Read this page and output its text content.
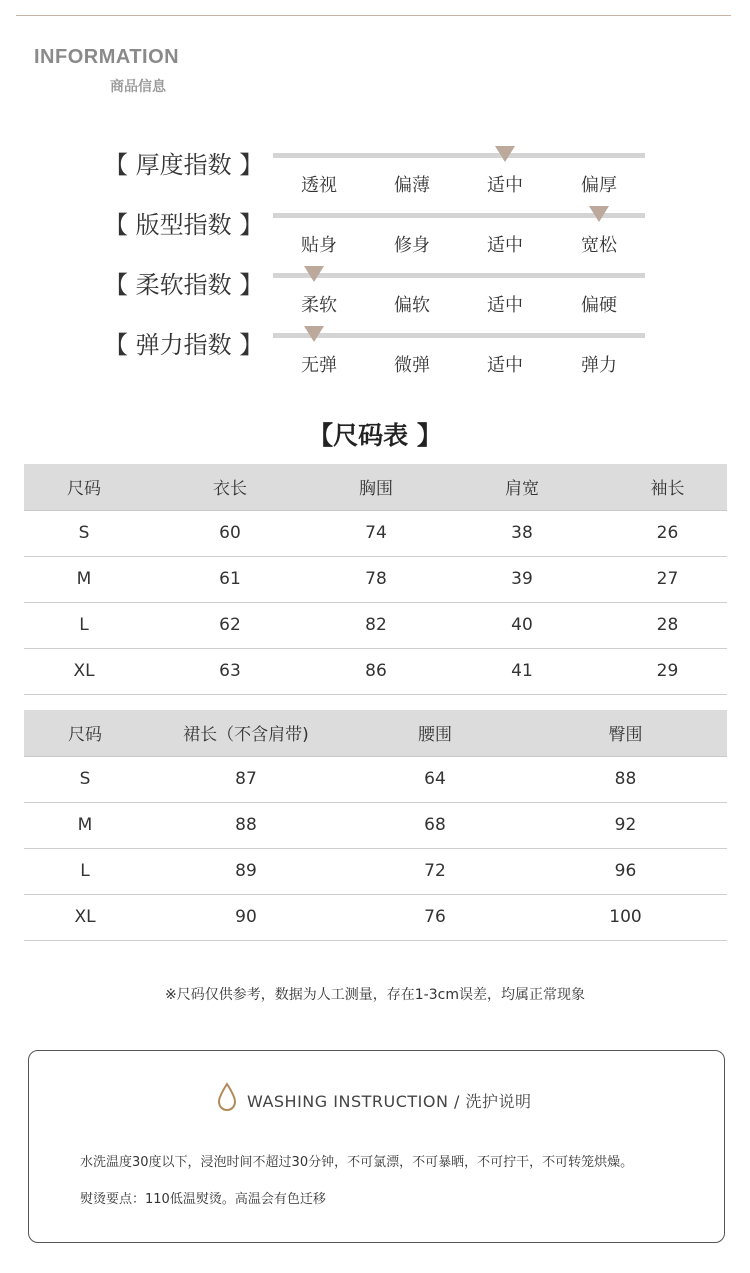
INFORMATION
商品信息
【 厚度指数 】
透视	偏薄	适中	偏厚
【 版型指数 】
贴身	修身	适中	宽松
【 柔软指数 】
柔软	偏软	适中	偏硬
【 弹力指数 】
无弹	微弹	适中	弹力
【尺码表 】
尺码	衣长	胸围	肩宽	袖长
S	60	74	38	26
M	61	78	39	27
L	62	82	40	28
XL	63	86	41	29
尺码	裙长（不含肩带)	腰围	臀围
S	87	64	88
M	88	68	92
L	89	72	96
XL	90	76	100
※尺码仅供参考，数据为人工测量，存在1-3cm误差，均属正常现象
WASHING INSTRUCTION / 洗护说明
水洗温度30度以下，浸泡时间不超过30分钟，不可氯漂，不可暴晒，不可拧干，不可转笼烘燥。
熨烫要点：110低温熨烫。高温会有色迁移
